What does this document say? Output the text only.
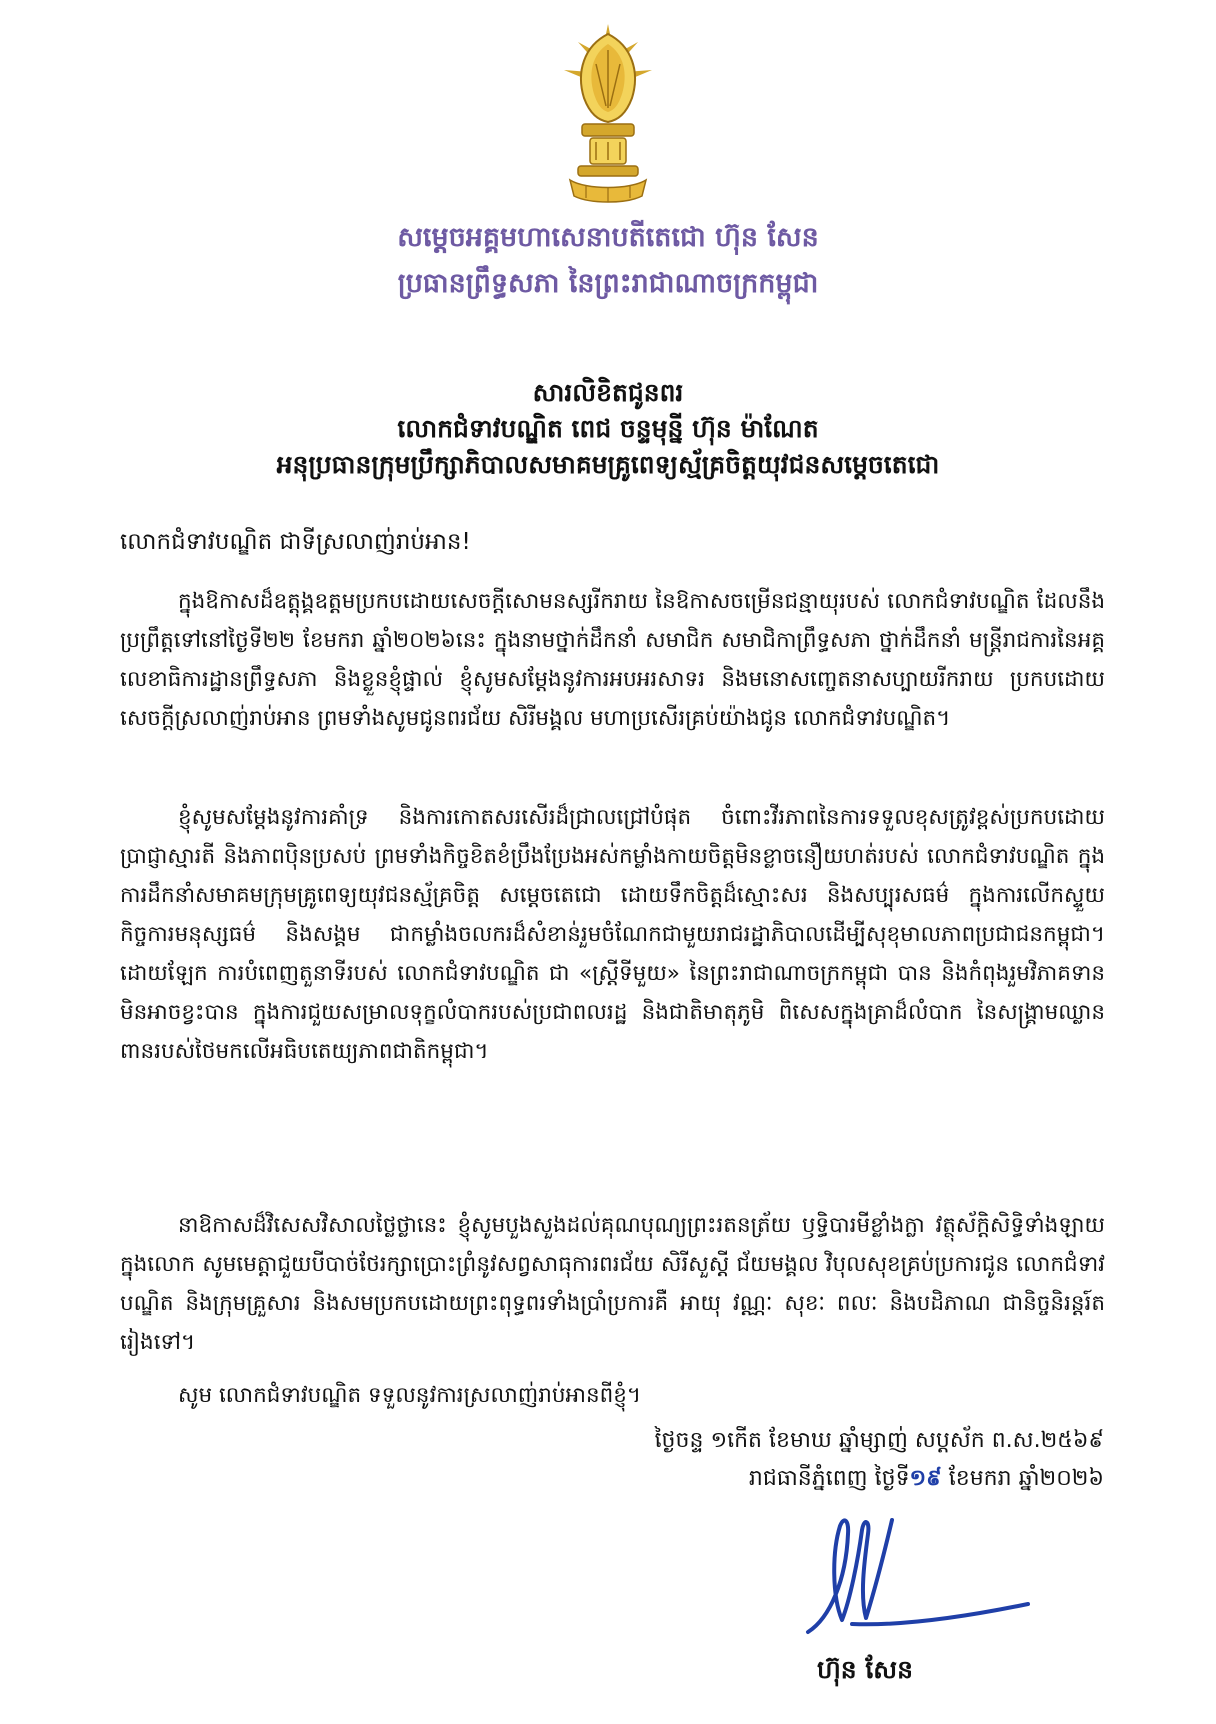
សម្តេចអគ្គមហាសេនាបតីតេជោ ហ៊ុន សែន
ប្រធានព្រឹទ្ធសភា នៃព្រះរាជាណាចក្រកម្ពុជា
សារលិខិតជូនពរ
លោកជំទាវបណ្ឌិត ពេជ ចន្ទមុន្នី ហ៊ុន ម៉ាណែត
អនុប្រធានក្រុមប្រឹក្សាភិបាលសមាគមគ្រូពេទ្យស្ម័គ្រចិត្តយុវជនសម្តេចតេជោ
លោកជំទាវបណ្ឌិត ជាទីស្រលាញ់រាប់អាន!
ក្នុងឱកាសដ៏ឧត្តុង្គឧត្តមប្រកបដោយសេចក្តីសោមនស្សរីករាយ នៃឱកាសចម្រើនជន្មាយុរបស់ លោកជំទាវបណ្ឌិត ដែលនឹងប្រព្រឹត្តទៅនៅថ្ងៃទី២២ ខែមករា ឆ្នាំ២០២៦នេះ ក្នុងនាមថ្នាក់ដឹកនាំ សមាជិក សមាជិកាព្រឹទ្ធសភា ថ្នាក់ដឹកនាំ មន្ត្រីរាជការនៃអគ្គលេខាធិការដ្ឋានព្រឹទ្ធសភា និងខ្លួនខ្ញុំផ្ទាល់ ខ្ញុំសូមសម្តែងនូវការអបអរសាទរ និងមនោសញ្ចេតនាសប្បាយរីករាយ ប្រកបដោយសេចក្តីស្រលាញ់រាប់អាន ព្រមទាំងសូមជូនពរជ័យ សិរីមង្គល មហាប្រសើរគ្រប់យ៉ាងជូន លោកជំទាវបណ្ឌិត។
ខ្ញុំសូមសម្តែងនូវការគាំទ្រ និងការកោតសរសើរដ៏ជ្រាលជ្រៅបំផុត ចំពោះវីរភាពនៃការទទួលខុសត្រូវខ្ពស់ប្រកបដោយប្រាជ្ញាស្មារតី និងភាពប៉ិនប្រសប់ ព្រមទាំងកិច្ចខិតខំប្រឹងប្រែងអស់កម្លាំងកាយចិត្តមិនខ្លាចនឿយហត់របស់ លោកជំទាវបណ្ឌិត ក្នុងការដឹកនាំសមាគមក្រុមគ្រូពេទ្យយុវជនស្ម័គ្រចិត្ត សម្តេចតេជោ ដោយទឹកចិត្តដ៏ស្មោះសរ និងសប្បុរសធម៌ ក្នុងការលើកស្ទួយកិច្ចការមនុស្សធម៌ និងសង្គម ជាកម្លាំងចលករដ៏សំខាន់រួមចំណែកជាមួយរាជរដ្ឋាភិបាលដើម្បីសុខុមាលភាពប្រជាជនកម្ពុជា។ ដោយឡែក ការបំពេញតួនាទីរបស់ លោកជំទាវបណ្ឌិត ជា «ស្ត្រីទីមួយ» នៃព្រះរាជាណាចក្រកម្ពុជា បាន និងកំពុងរួមវិភាគទានមិនអាចខ្វះបាន ក្នុងការជួយសម្រាលទុក្ខលំបាករបស់ប្រជាពលរដ្ឋ និងជាតិមាតុភូមិ ពិសេសក្នុងគ្រាដ៏លំបាក នៃសង្គ្រាមឈ្លានពានរបស់ថៃមកលើអធិបតេយ្យភាពជាតិកម្ពុជា។
នាឱកាសដ៏វិសេសវិសាលថ្លៃថ្លានេះ ខ្ញុំសូមបួងសួងដល់គុណបុណ្យព្រះរតនត្រ័យ ឫទ្ធិបារមីខ្លាំងក្លា វត្ថុស័ក្តិសិទ្ធិទាំងឡាយក្នុងលោក សូមមេត្តាជួយបីបាច់ថែរក្សាប្រោះព្រំនូវសព្វសាធុការពរជ័យ សិរីសួស្តី ជ័យមង្គល វិបុលសុខគ្រប់ប្រការជូន លោកជំទាវបណ្ឌិត និងក្រុមគ្រួសារ និងសមប្រកបដោយព្រះពុទ្ធពរទាំងប្រាំប្រការគឺ អាយុ វណ្ណៈ សុខៈ ពលៈ និងបដិភាណ ជានិច្ចនិរន្តរ៍តរៀងទៅ។
សូម លោកជំទាវបណ្ឌិត ទទួលនូវការស្រលាញ់រាប់អានពីខ្ញុំ។
ថ្ងៃចន្ទ ១កើត ខែមាឃ ឆ្នាំម្សាញ់ សប្តស័ក ព.ស.២៥៦៩
រាជធានីភ្នំពេញ ថ្ងៃទី១៩ ខែមករា ឆ្នាំ២០២៦
ហ៊ុន សែន
